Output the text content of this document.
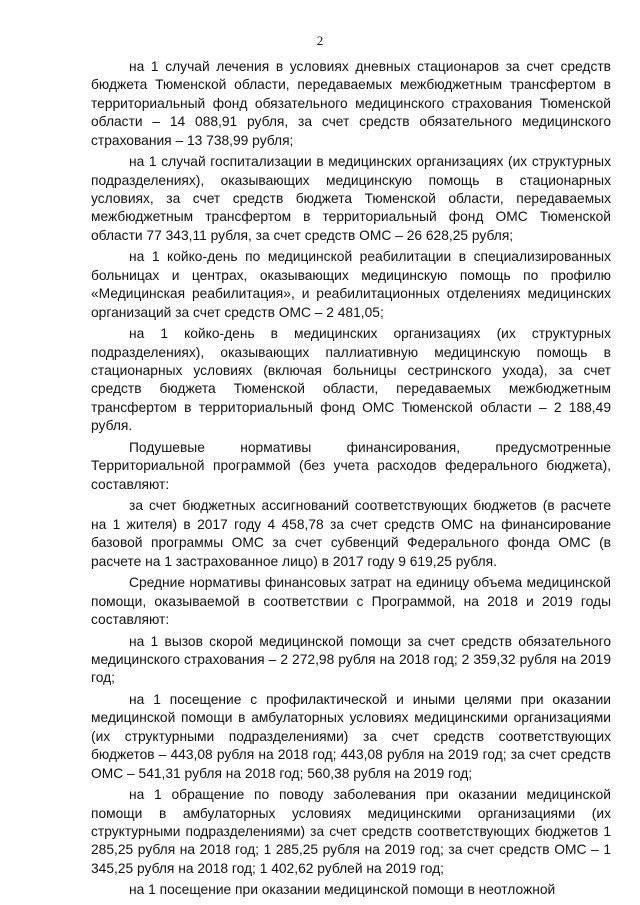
2

на 1 случай лечения в условиях дневных стационаров за счет средств бюджета Тюменской области, передаваемых межбюджетным трансфертом в территориальный фонд обязательного медицинского страхования Тюменской области – 14 088,91 рубля, за счет средств обязательного медицинского страхования – 13 738,99 рубля;

на 1 случай госпитализации в медицинских организациях (их структурных подразделениях), оказывающих медицинскую помощь в стационарных условиях, за счет средств бюджета Тюменской области, передаваемых межбюджетным трансфертом в территориальный фонд ОМС Тюменской области 77 343,11 рубля, за счет средств ОМС – 26 628,25 рубля;

на 1 койко-день по медицинской реабилитации в специализированных больницах и центрах, оказывающих медицинскую помощь по профилю «Медицинская реабилитация», и реабилитационных отделениях медицинских организаций за счет средств ОМС – 2 481,05;

на 1 койко-день в медицинских организациях (их структурных подразделениях), оказывающих паллиативную медицинскую помощь в стационарных условиях (включая больницы сестринского ухода), за счет средств бюджета Тюменской области, передаваемых межбюджетным трансфертом в территориальный фонд ОМС Тюменской области – 2 188,49 рубля.

Подушевые нормативы финансирования, предусмотренные Территориальной программой (без учета расходов федерального бюджета), составляют:

за счет бюджетных ассигнований соответствующих бюджетов (в расчете на 1 жителя) в 2017 году 4 458,78 за счет средств ОМС на финансирование базовой программы ОМС за счет субвенций Федерального фонда ОМС (в расчете на 1 застрахованное лицо) в 2017 году 9 619,25 рубля.

Средние нормативы финансовых затрат на единицу объема медицинской помощи, оказываемой в соответствии с Программой, на 2018 и 2019 годы составляют:

на 1 вызов скорой медицинской помощи за счет средств обязательного медицинского страхования – 2 272,98 рубля на 2018 год; 2 359,32 рубля на 2019 год;

на 1 посещение с профилактической и иными целями при оказании медицинской помощи в амбулаторных условиях медицинскими организациями (их структурными подразделениями) за счет средств соответствующих бюджетов – 443,08 рубля на 2018 год; 443,08 рубля на 2019 год; за счет средств ОМС – 541,31 рубля на 2018 год; 560,38 рубля на 2019 год;

на 1 обращение по поводу заболевания при оказании медицинской помощи в амбулаторных условиях медицинскими организациями (их структурными подразделениями) за счет средств соответствующих бюджетов 1 285,25 рубля на 2018 год; 1 285,25 рубля на 2019 год; за счет средств ОМС – 1 345,25 рубля на 2018 год; 1 402,62 рублей на 2019 год;

на 1 посещение при оказании медицинской помощи в неотложной
